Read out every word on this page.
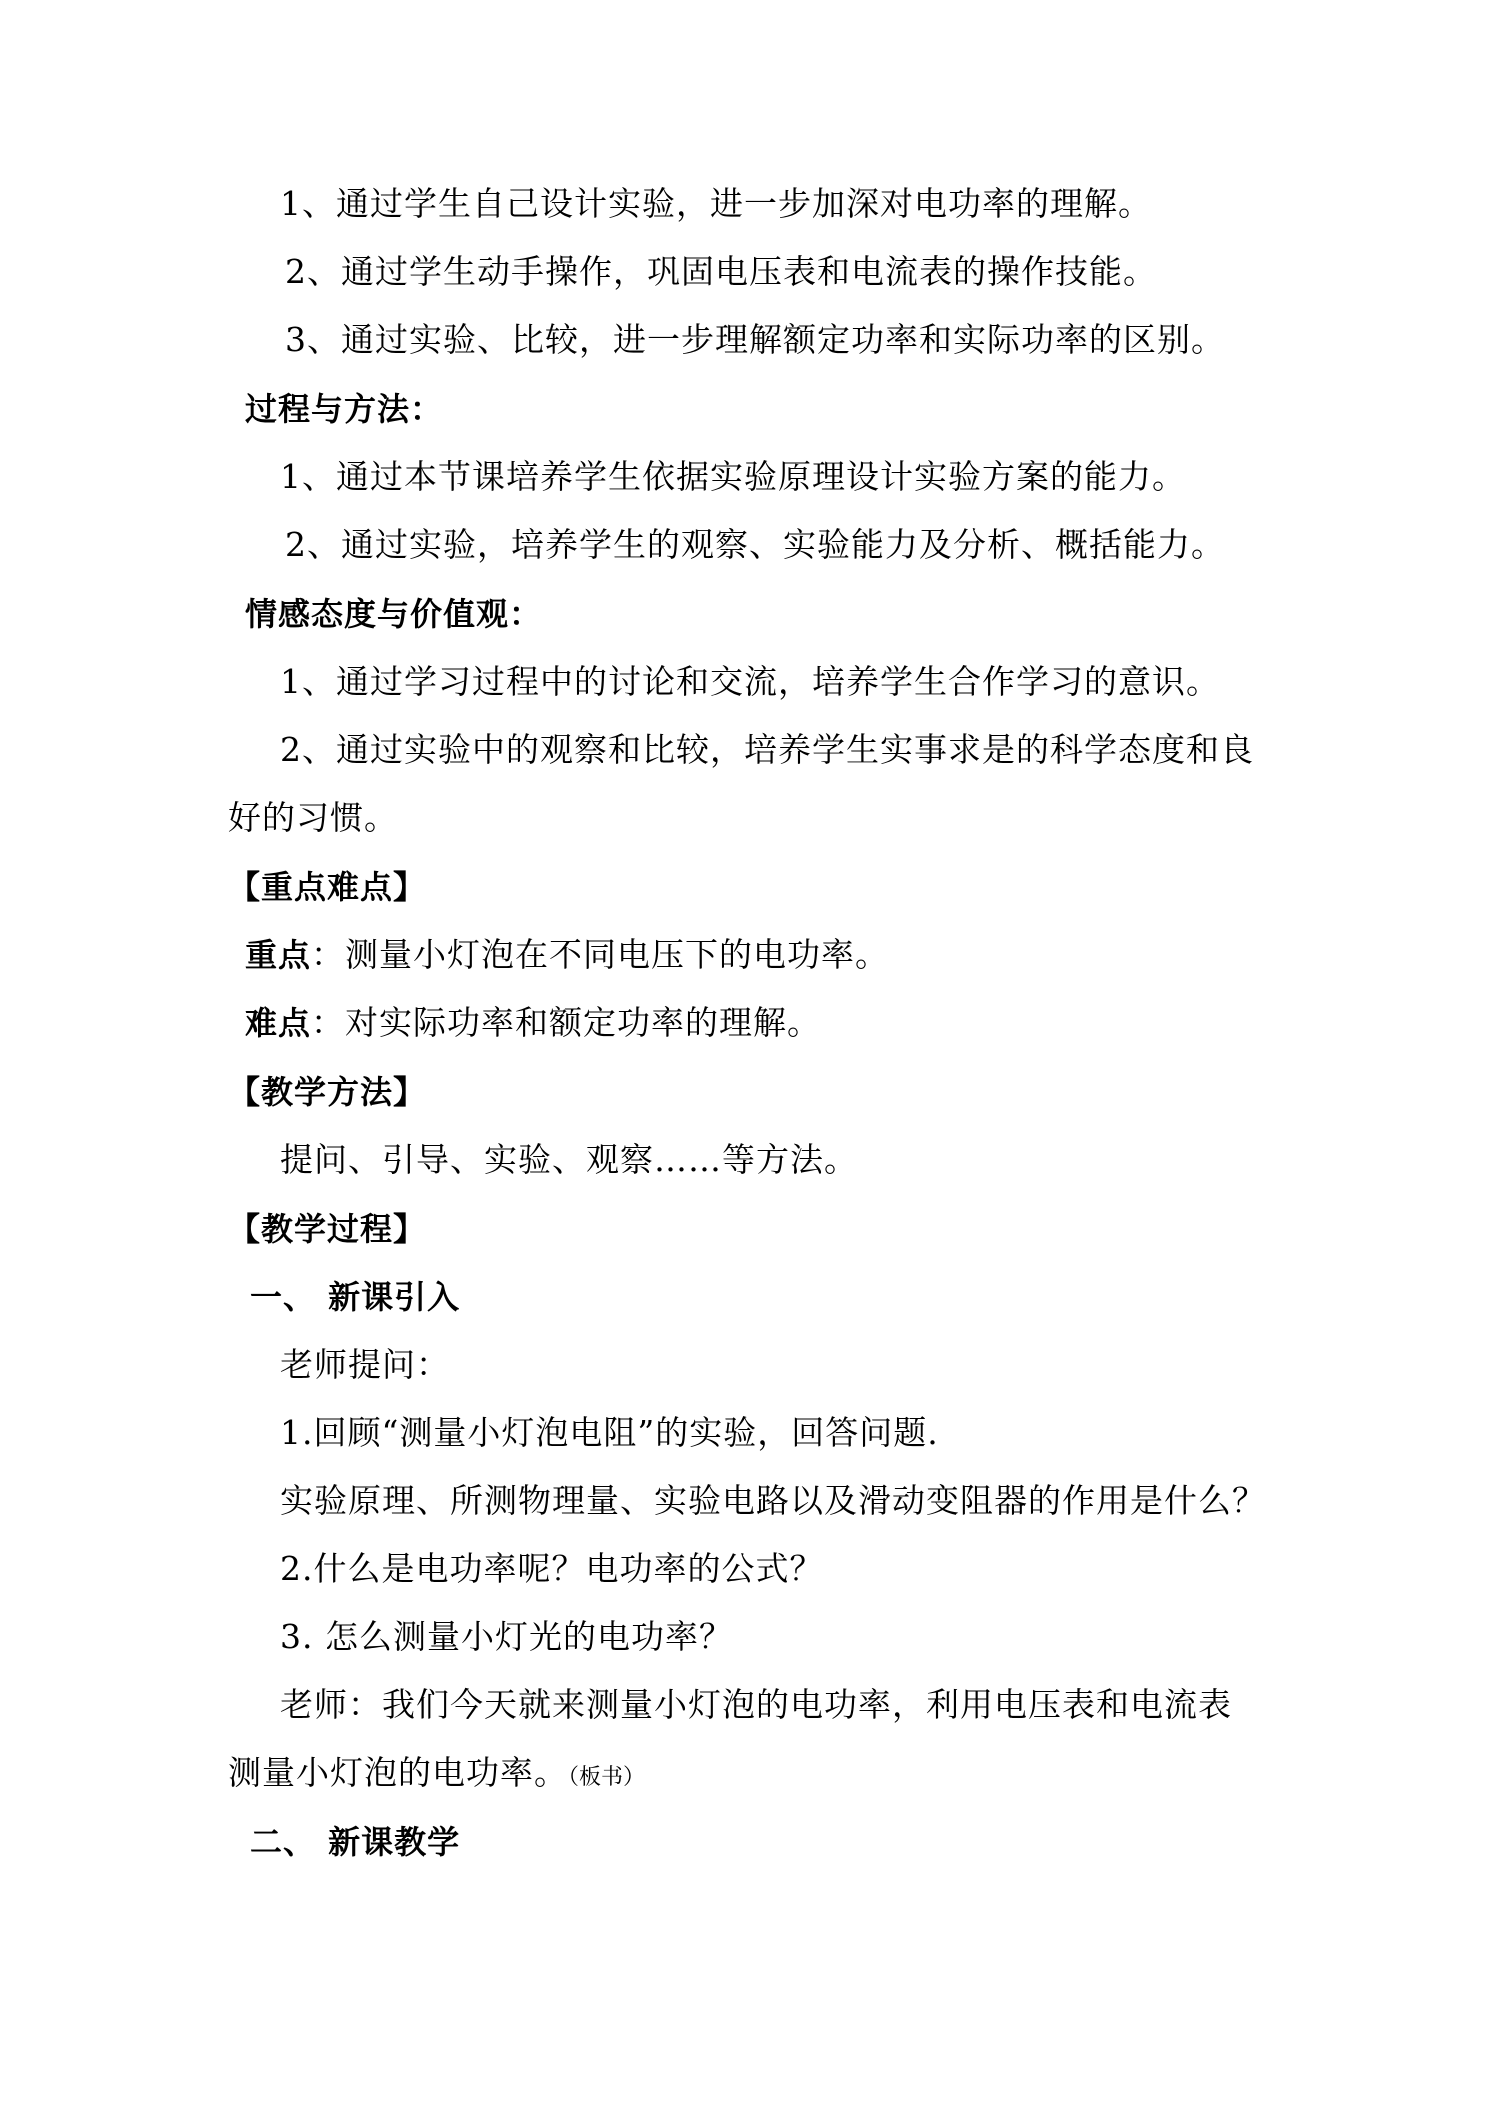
1、通过学生自己设计实验，进一步加深对电功率的理解。
2、通过学生动手操作，巩固电压表和电流表的操作技能。
3、通过实验、比较，进一步理解额定功率和实际功率的区别。
过程与方法：
1、通过本节课培养学生依据实验原理设计实验方案的能力。
2、通过实验，培养学生的观察、实验能力及分析、概括能力。
情感态度与价值观：
1、通过学习过程中的讨论和交流，培养学生合作学习的意识。
2、通过实验中的观察和比较，培养学生实事求是的科学态度和良
好的习惯。
【重点难点】
重点：测量小灯泡在不同电压下的电功率。
难点：对实际功率和额定功率的理解。
【教学方法】
提问、引导、实验、观察……等方法。
【教学过程】
一、 新课引入
老师提问：
1.回顾“测量小灯泡电阻”的实验，回答问题.
实验原理、所测物理量、实验电路以及滑动变阻器的作用是什么？
2.什么是电功率呢？电功率的公式？
3. 怎么测量小灯光的电功率？
老师：我们今天就来测量小灯泡的电功率，利用电压表和电流表
测量小灯泡的电功率。（板书）
二、 新课教学
